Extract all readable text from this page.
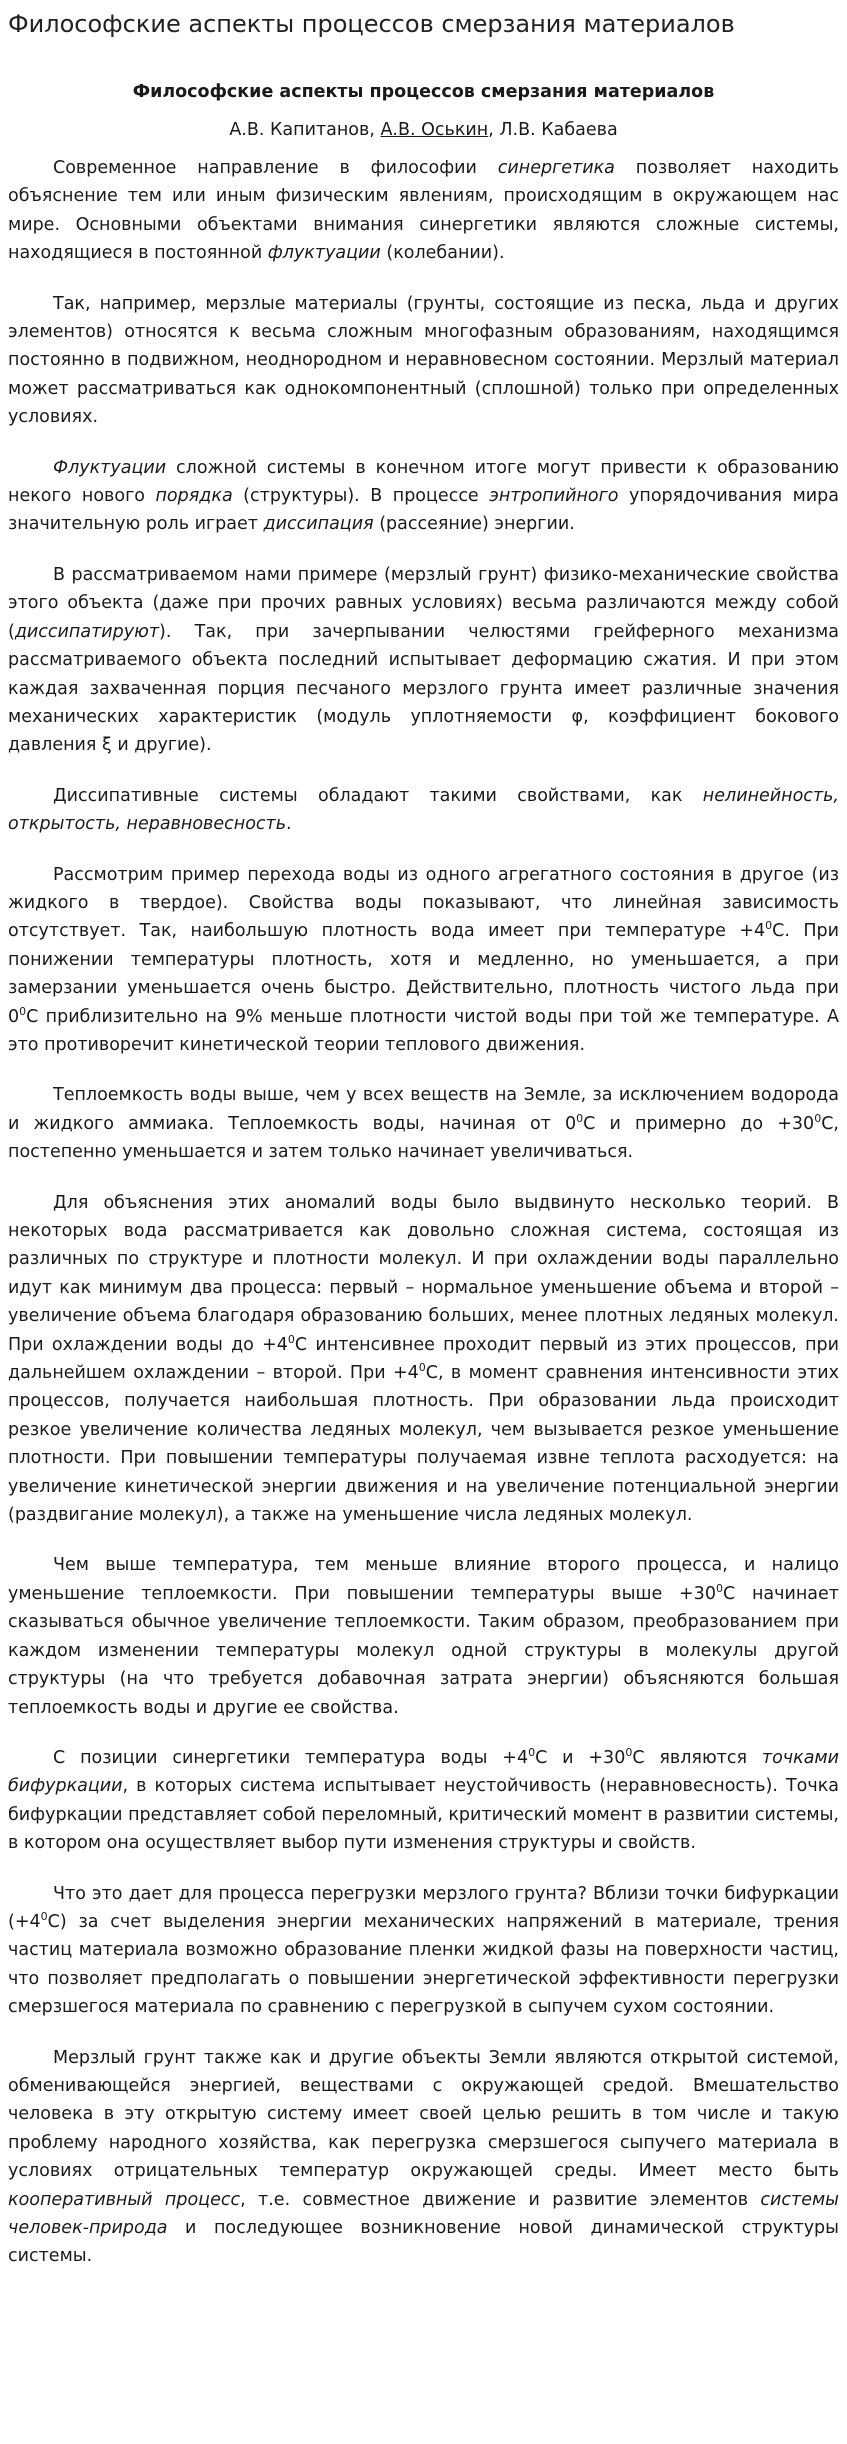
Философские аспекты процессов смерзания материалов
Философские аспекты процессов смерзания материалов
А.В. Капитанов, А.В. Оськин, Л.В. Кабаева

Современное направление в философии синергетика позволяет находить объяснение тем или иным физическим явлениям, происходящим в окружающем нас мире. Основными объектами внимания синергетики являются сложные системы, находящиеся в постоянной флуктуации (колебании).

Так, например, мерзлые материалы (грунты, состоящие из песка, льда и других элементов) относятся к весьма сложным многофазным образованиям, находящимся постоянно в подвижном, неоднородном и неравновесном состоянии. Мерзлый материал может рассматриваться как однокомпонентный (сплошной) только при определенных условиях.

Флуктуации сложной системы в конечном итоге могут привести к образованию некого нового порядка (структуры). В процессе энтропийного упорядочивания мира значительную роль играет диссипация (рассеяние) энергии.

В рассматриваемом нами примере (мерзлый грунт) физико-механические свойства этого объекта (даже при прочих равных условиях) весьма различаются между собой (диссипатируют). Так, при зачерпывании челюстями грейферного механизма рассматриваемого объекта последний испытывает деформацию сжатия. И при этом каждая захваченная порция песчаного мерзлого грунта имеет различные значения механических характеристик (модуль уплотняемости φ, коэффициент бокового давления ξ и другие).

Диссипативные системы обладают такими свойствами, как нелинейность, открытость, неравновесность.

Рассмотрим пример перехода воды из одного агрегатного состояния в другое (из жидкого в твердое). Свойства воды показывают, что линейная зависимость отсутствует. Так, наибольшую плотность вода имеет при температуре $+4^0С$. При понижении температуры плотность, хотя и медленно, но уменьшается, а при замерзании уменьшается очень быстро. Действительно, плотность чистого льда при $0^0С$ приблизительно на 9% меньше плотности чистой воды при той же температуре. А это противоречит кинетической теории теплового движения.

Теплоемкость воды выше, чем у всех веществ на Земле, за исключением водорода и жидкого аммиака. Теплоемкость воды, начиная от $0^0С$ и примерно до $+30^0С$, постепенно уменьшается и затем только начинает увеличиваться.

Для объяснения этих аномалий воды было выдвинуто несколько теорий. В некоторых вода рассматривается как довольно сложная система, состоящая из различных по структуре и плотности молекул. И при охлаждении воды параллельно идут как минимум два процесса: первый – нормальное уменьшение объема и второй – увеличение объема благодаря образованию больших, менее плотных ледяных молекул. При охлаждении воды до $+4^0С$ интенсивнее проходит первый из этих процессов, при дальнейшем охлаждении – второй. При $+4^0С$, в момент сравнения интенсивности этих процессов, получается наибольшая плотность. При образовании льда происходит резкое увеличение количества ледяных молекул, чем вызывается резкое уменьшение плотности. При повышении температуры получаемая извне теплота расходуется: на увеличение кинетической энергии движения и на увеличение потенциальной энергии (раздвигание молекул), а также на уменьшение числа ледяных молекул.

Чем выше температура, тем меньше влияние второго процесса, и налицо уменьшение теплоемкости. При повышении температуры выше $+30^0С$ начинает сказываться обычное увеличение теплоемкости. Таким образом, преобразованием при каждом изменении температуры молекул одной структуры в молекулы другой структуры (на что требуется добавочная затрата энергии) объясняются большая теплоемкость воды и другие ее свойства.

С позиции синергетики температура воды $+4^0С$ $и +30^0С$ являются точками бифуркации, в которых система испытывает неустойчивость (неравновесность). Точка бифуркации представляет собой переломный, критический момент в развитии системы, в котором она осуществляет выбор пути изменения структуры и свойств.

Что это дает для процесса перегрузки мерзлого грунта? Вблизи точки бифуркации $(+4^0С)$ за счет выделения энергии механических напряжений в материале, трения частиц материала возможно образование пленки жидкой фазы на поверхности частиц, что позволяет предполагать о повышении энергетической эффективности перегрузки смерзшегося материала по сравнению с перегрузкой в сыпучем сухом состоянии.

Мерзлый грунт также как и другие объекты Земли являются открытой системой, обменивающейся энергией, веществами с окружающей средой. Вмешательство человека в эту открытую систему имеет своей целью решить в том числе и такую проблему народного хозяйства, как перегрузка смерзшегося сыпучего материала в условиях отрицательных температур окружающей среды. Имеет место быть кооперативный процесс, т.е. совместное движение и развитие элементов системы человек-природа и последующее возникновение новой динамической структуры системы.
